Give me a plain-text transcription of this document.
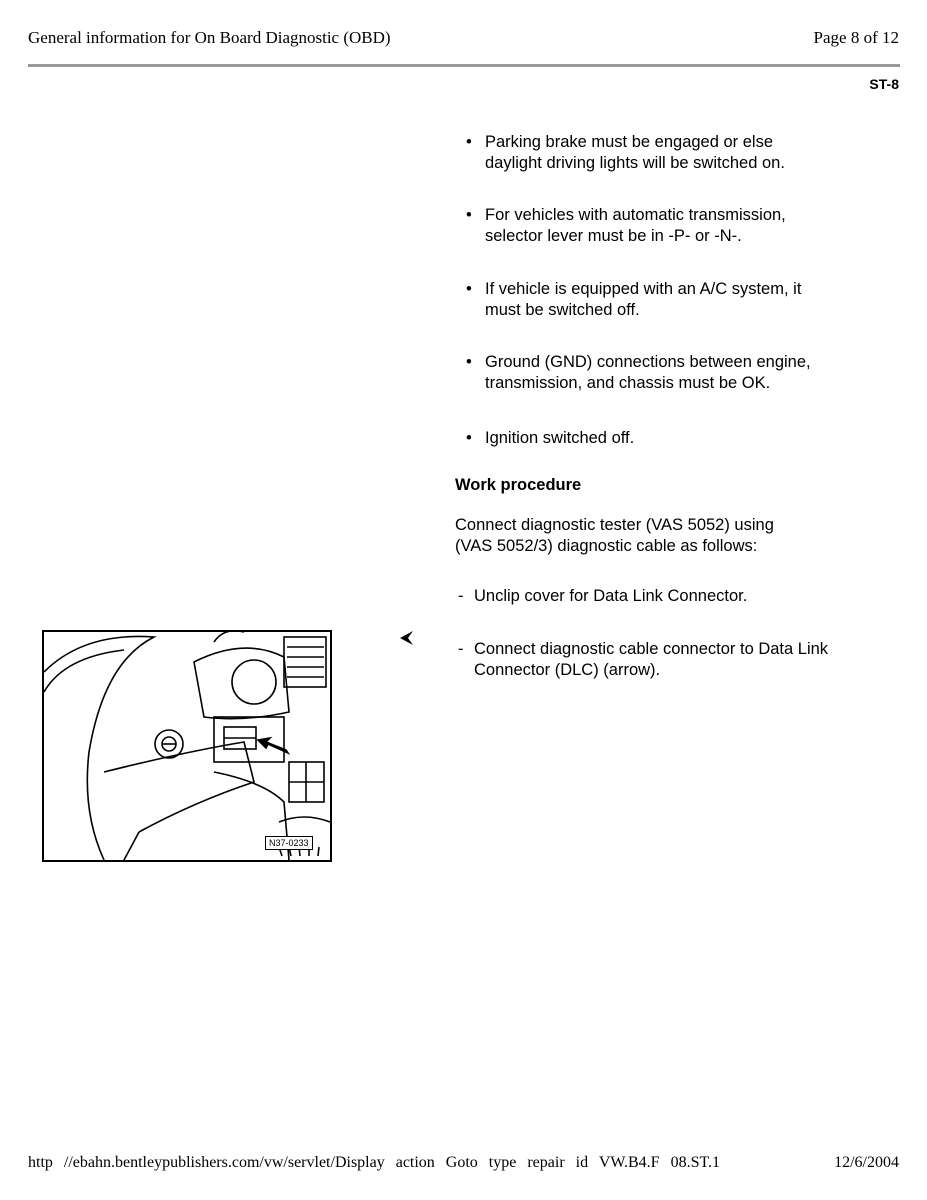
General information for On Board Diagnostic (OBD)	Page 8 of 12
ST-8
• Parking brake must be engaged or else
daylight driving lights will be switched on.
• For vehicles with automatic transmission,
selector lever must be in -P- or -N-.
• If vehicle is equipped with an A/C system, it
must be switched off.
• Ground (GND) connections between engine,
transmission, and chassis must be OK.
• Ignition switched off.
Work procedure
Connect diagnostic tester (VAS 5052) using
(VAS 5052/3) diagnostic cable as follows:
- Unclip cover for Data Link Connector.
- Connect diagnostic cable connector to Data Link
Connector (DLC) (arrow).
N37-0233
http //ebahn.bentleypublishers.com/vw/servlet/Display action Goto type repair id VW.B4.F 08.ST.1	12/6/2004
